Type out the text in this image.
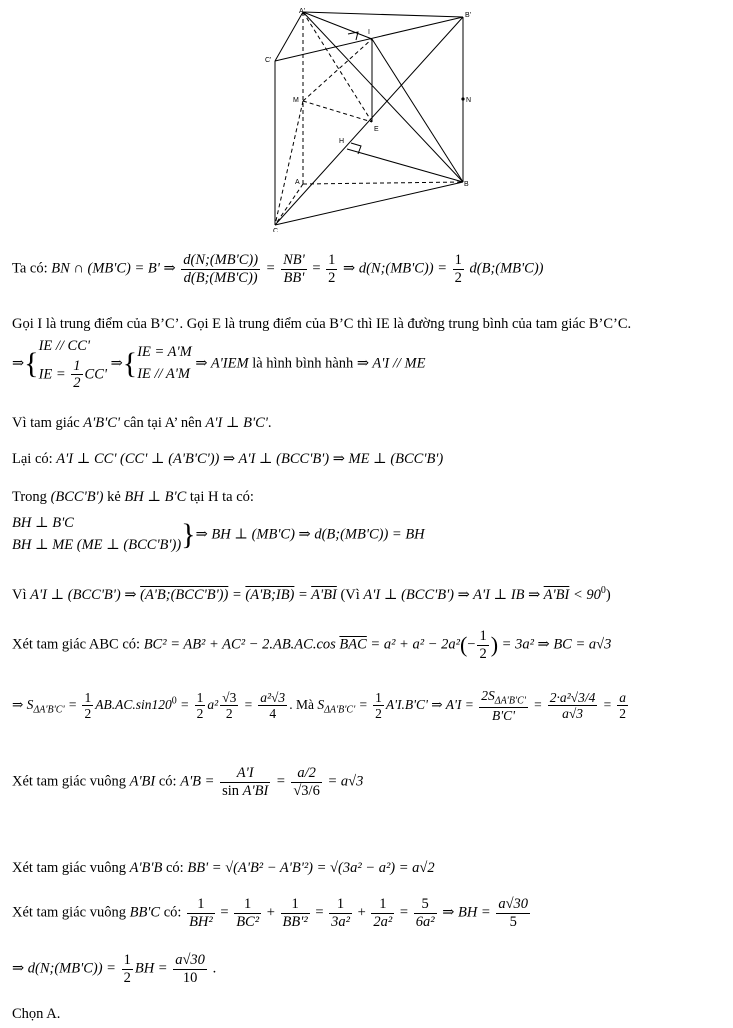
A'
B'
C'
I
M	N
E
H
A	B
C
Ta có: BN ∩ (MB'C) = B' ⇒ $\frac{d(N;(MB'C))}{d(B;(MB'C))} = \frac{NB'}{BB'} = \frac{1}{2}$ ⇒ d(N;(MB'C)) = $\frac{1}{2}$ d(B;(MB'C))
Gọi I là trung điểm của B’C’. Gọi E là trung điểm của B’C thì IE là đường trung bình của tam giác B’C’C.
⇒{IE // CC'
IE = $\frac{1}{2} CC'$ ⇒{IE = A'M
IE // A'M ⇒ A'IEM là hình bình hành ⇒ A'I // ME
Vì tam giác A'B'C' cân tại A’ nên A'I ⊥ B'C'.
Lại có: A'I ⊥ CC' (CC' ⊥ (A'B'C')) ⇒ A'I ⊥ (BCC'B') ⇒ ME ⊥ (BCC'B')
Trong (BCC'B') kẻ BH ⊥ B'C tại H ta có:
BH ⊥ B'C
BH ⊥ ME (ME ⊥ (BCC'B'))}⇒ BH ⊥ (MB'C) ⇒ d(B;(MB'C)) = BH
Vì A'I ⊥ (BCC'B') ⇒ (A'B;(BCC'B')) = (A'B;IB) = A'BI (Vì A'I ⊥ (BCC'B') ⇒ A'I ⊥ IB ⇒ $A'BI < 90^0$)
Xét tam giác ABC có: BC² = AB² + AC² − 2.AB.AC.cos $\overline{BAC} = a^2 + a^2 - 2a^2(- \frac{1}{2}$ ) = 3a² ⇒ BC = a√3
⇒ $S_{\Delta A'B'C'} = \frac{1}{2} AB.AC.\sin 120^0 = \frac{1}{2} a^2 \frac{√3}{2} = \frac{\text{a²√3}}{4}$ . Mà $S_{\Delta A'B'C'} = \frac{1}{2} A'I.B'C'$ ⇒ $A'I = \frac{2S_{\Delta A'B'C'}}{B'C'} = \frac{\text{2·a²√3/4}}{a√3} = \frac{a}{2}$
Xét tam giác vuông A'BI có: $A'B = \frac{A'I}{\text{sin A'BI}} = \frac{a/2}{√3/6} = a√3$
Xét tam giác vuông A'B'B có: BB' = √(A'B² − A'B'²) = √(3a² − a²) = a√2
Xét tam giác vuông BB'C có: $\frac{1}{\text{BH²}} = \frac{1}{\text{BC²}} + \frac{1}{\text{BB'²}} = \frac{1}{\text{3a²}} + \frac{1}{\text{2a²}} = \frac{5}{\text{6a²}}$ ⇒ BH = $\frac{a√30}{5}$
⇒ d(N;(MB'C)) = $\frac{1}{2}$ BH = $\frac{a√30}{10}$ .
Chọn A.
